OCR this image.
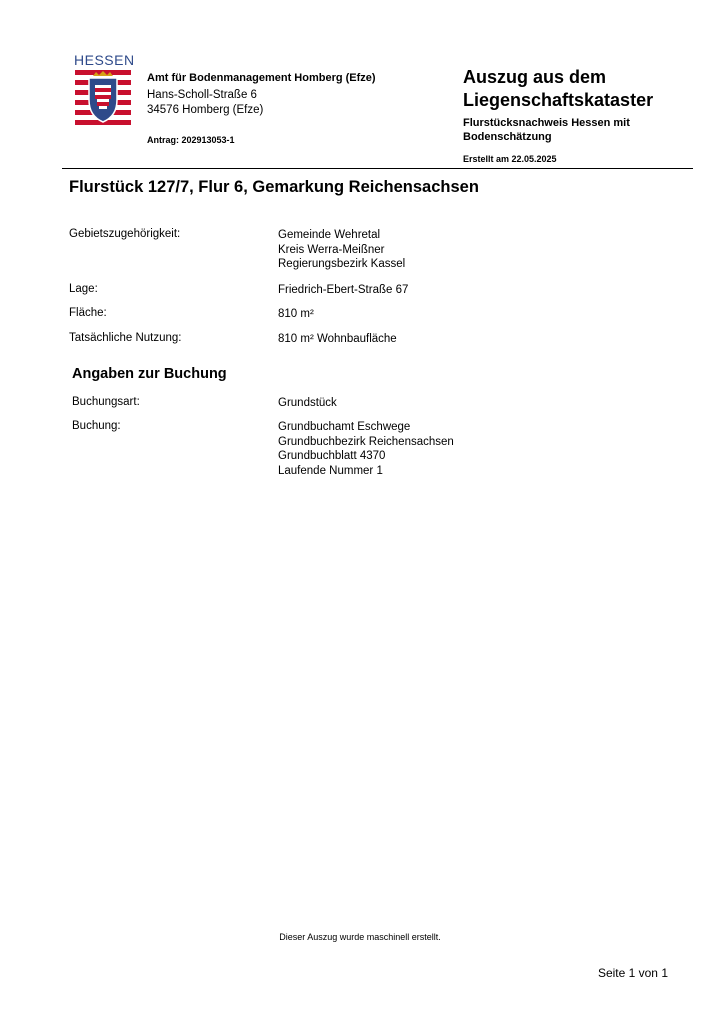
HESSEN
Amt für Bodenmanagement Homberg (Efze)
Hans-Scholl-Straße 6
34576 Homberg (Efze)
Antrag: 202913053-1
Auszug aus dem
Liegenschaftskataster
Flurstücksnachweis Hessen mit
Bodenschätzung
Erstellt am 22.05.2025
Flurstück 127/7, Flur 6, Gemarkung Reichensachsen
Gebietszugehörigkeit:	Gemeinde Wehretal
Kreis Werra-Meißner
Regierungsbezirk Kassel
Lage:	Friedrich-Ebert-Straße 67
Fläche:	810 m²
Tatsächliche Nutzung:	810 m² Wohnbaufläche
Angaben zur Buchung
Buchungsart:	Grundstück
Buchung:	Grundbuchamt Eschwege
Grundbuchbezirk Reichensachsen
Grundbuchblatt 4370
Laufende Nummer 1
Dieser Auszug wurde maschinell erstellt.
Seite 1 von 1
